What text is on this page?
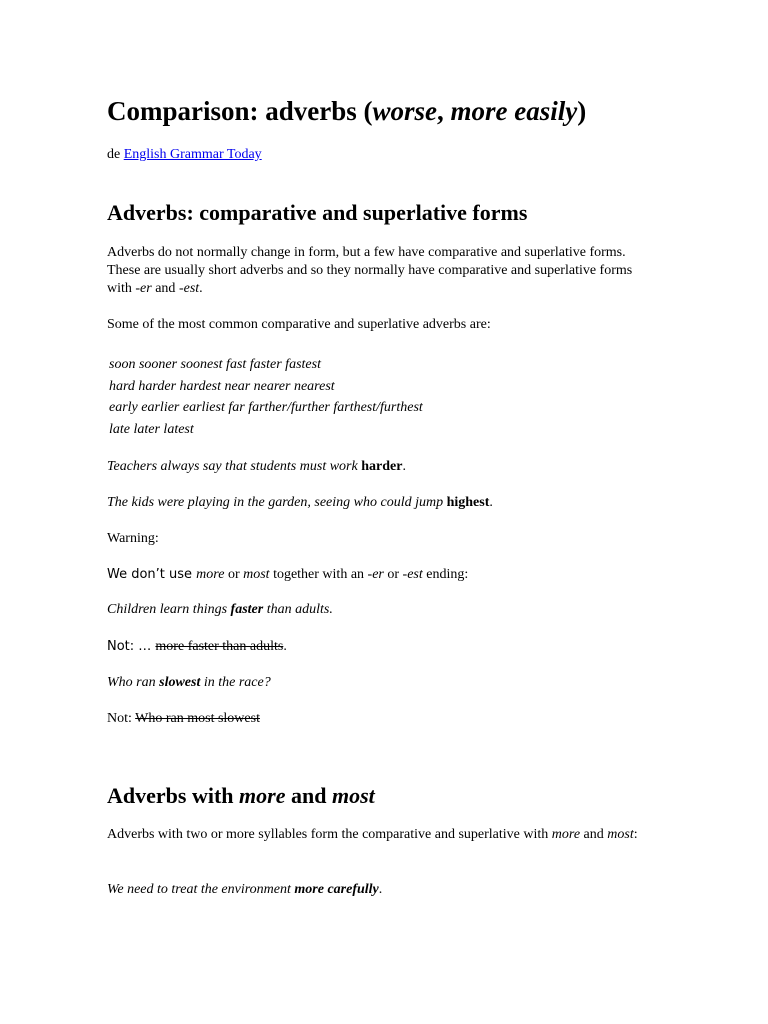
Comparison: adverbs (worse, more easily)

de English Grammar Today

Adverbs: comparative and superlative forms

Adverbs do not normally change in form, but a few have comparative and superlative forms. These are usually short adverbs and so they normally have comparative and superlative forms with -er and -est.

Some of the most common comparative and superlative adverbs are:

soon sooner soonest fast faster fastest
hard harder hardest near nearer nearest
early earlier earliest far farther/further farthest/furthest
late later latest

Teachers always say that students must work harder.

The kids were playing in the garden, seeing who could jump highest.

Warning:

We don’t use more or most together with an -er or -est ending:

Children learn things faster than adults.

Not: … more faster than adults.

Who ran slowest in the race?

Not: Who ran most slowest

Adverbs with more and most

Adverbs with two or more syllables form the comparative and superlative with more and most:

We need to treat the environment more carefully.
